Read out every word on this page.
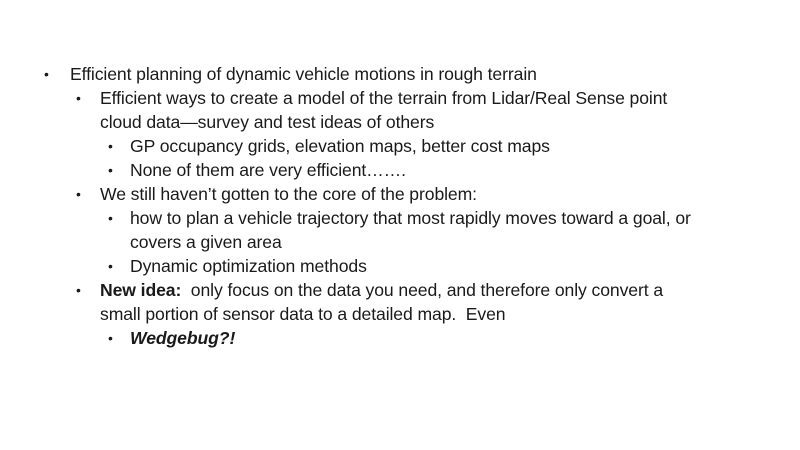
• Efficient planning of dynamic vehicle motions in rough terrain
• Efficient ways to create a model of the terrain from Lidar/Real Sense point
cloud data—survey and test ideas of others
• GP occupancy grids, elevation maps, better cost maps
• None of them are very efficient…….
• We still haven’t gotten to the core of the problem:
• how to plan a vehicle trajectory that most rapidly moves toward a goal, or
covers a given area
• Dynamic optimization methods
• New idea:  only focus on the data you need, and therefore only convert a
small portion of sensor data to a detailed map.  Even
• Wedgebug?!
